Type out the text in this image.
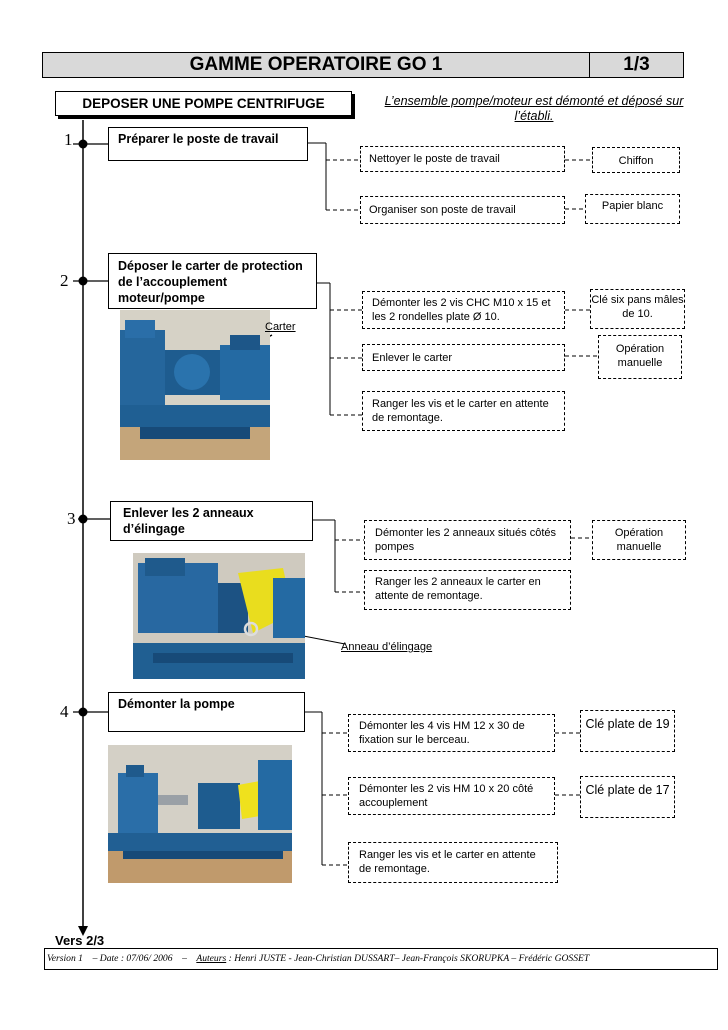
GAMME OPERATOIRE GO 1	1/3
DEPOSER UNE POMPE CENTRIFUGE	L’ensemble pompe/moteur est démonté et déposé sur l’établi.
1
2
3
4
Préparer le poste de travail
Nettoyer le poste de travail	Chiffon
Organiser son poste de travail	Papier blanc
Déposer le carter de protection de l’accouplement moteur/pompe
Carter
Démonter les 2 vis CHC M10 x 15 et les 2 rondelles plate Ø 10.
Clé six pans mâles de 10.
Enlever le carter
Opération manuelle
Ranger les vis et le carter en attente de remontage.
Enlever les 2 anneaux d’élingage
Anneau d’élingage
Démonter les 2 anneaux situés côtés pompes
Opération manuelle
Ranger les 2 anneaux le carter en attente de remontage.
Démonter la pompe
Démonter les 4 vis HM 12 x 30 de fixation sur le berceau.
Clé plate de 19
Démonter les 2 vis HM 10 x 20 côté accouplement
Clé plate de 17
Ranger les vis et le carter en attente de remontage.
Vers 2/3
Version 1 – Date : 07/06/ 2006 – Auteurs : Henri JUSTE - Jean-Christian DUSSART– Jean-François SKORUPKA – Frédéric GOSSET
